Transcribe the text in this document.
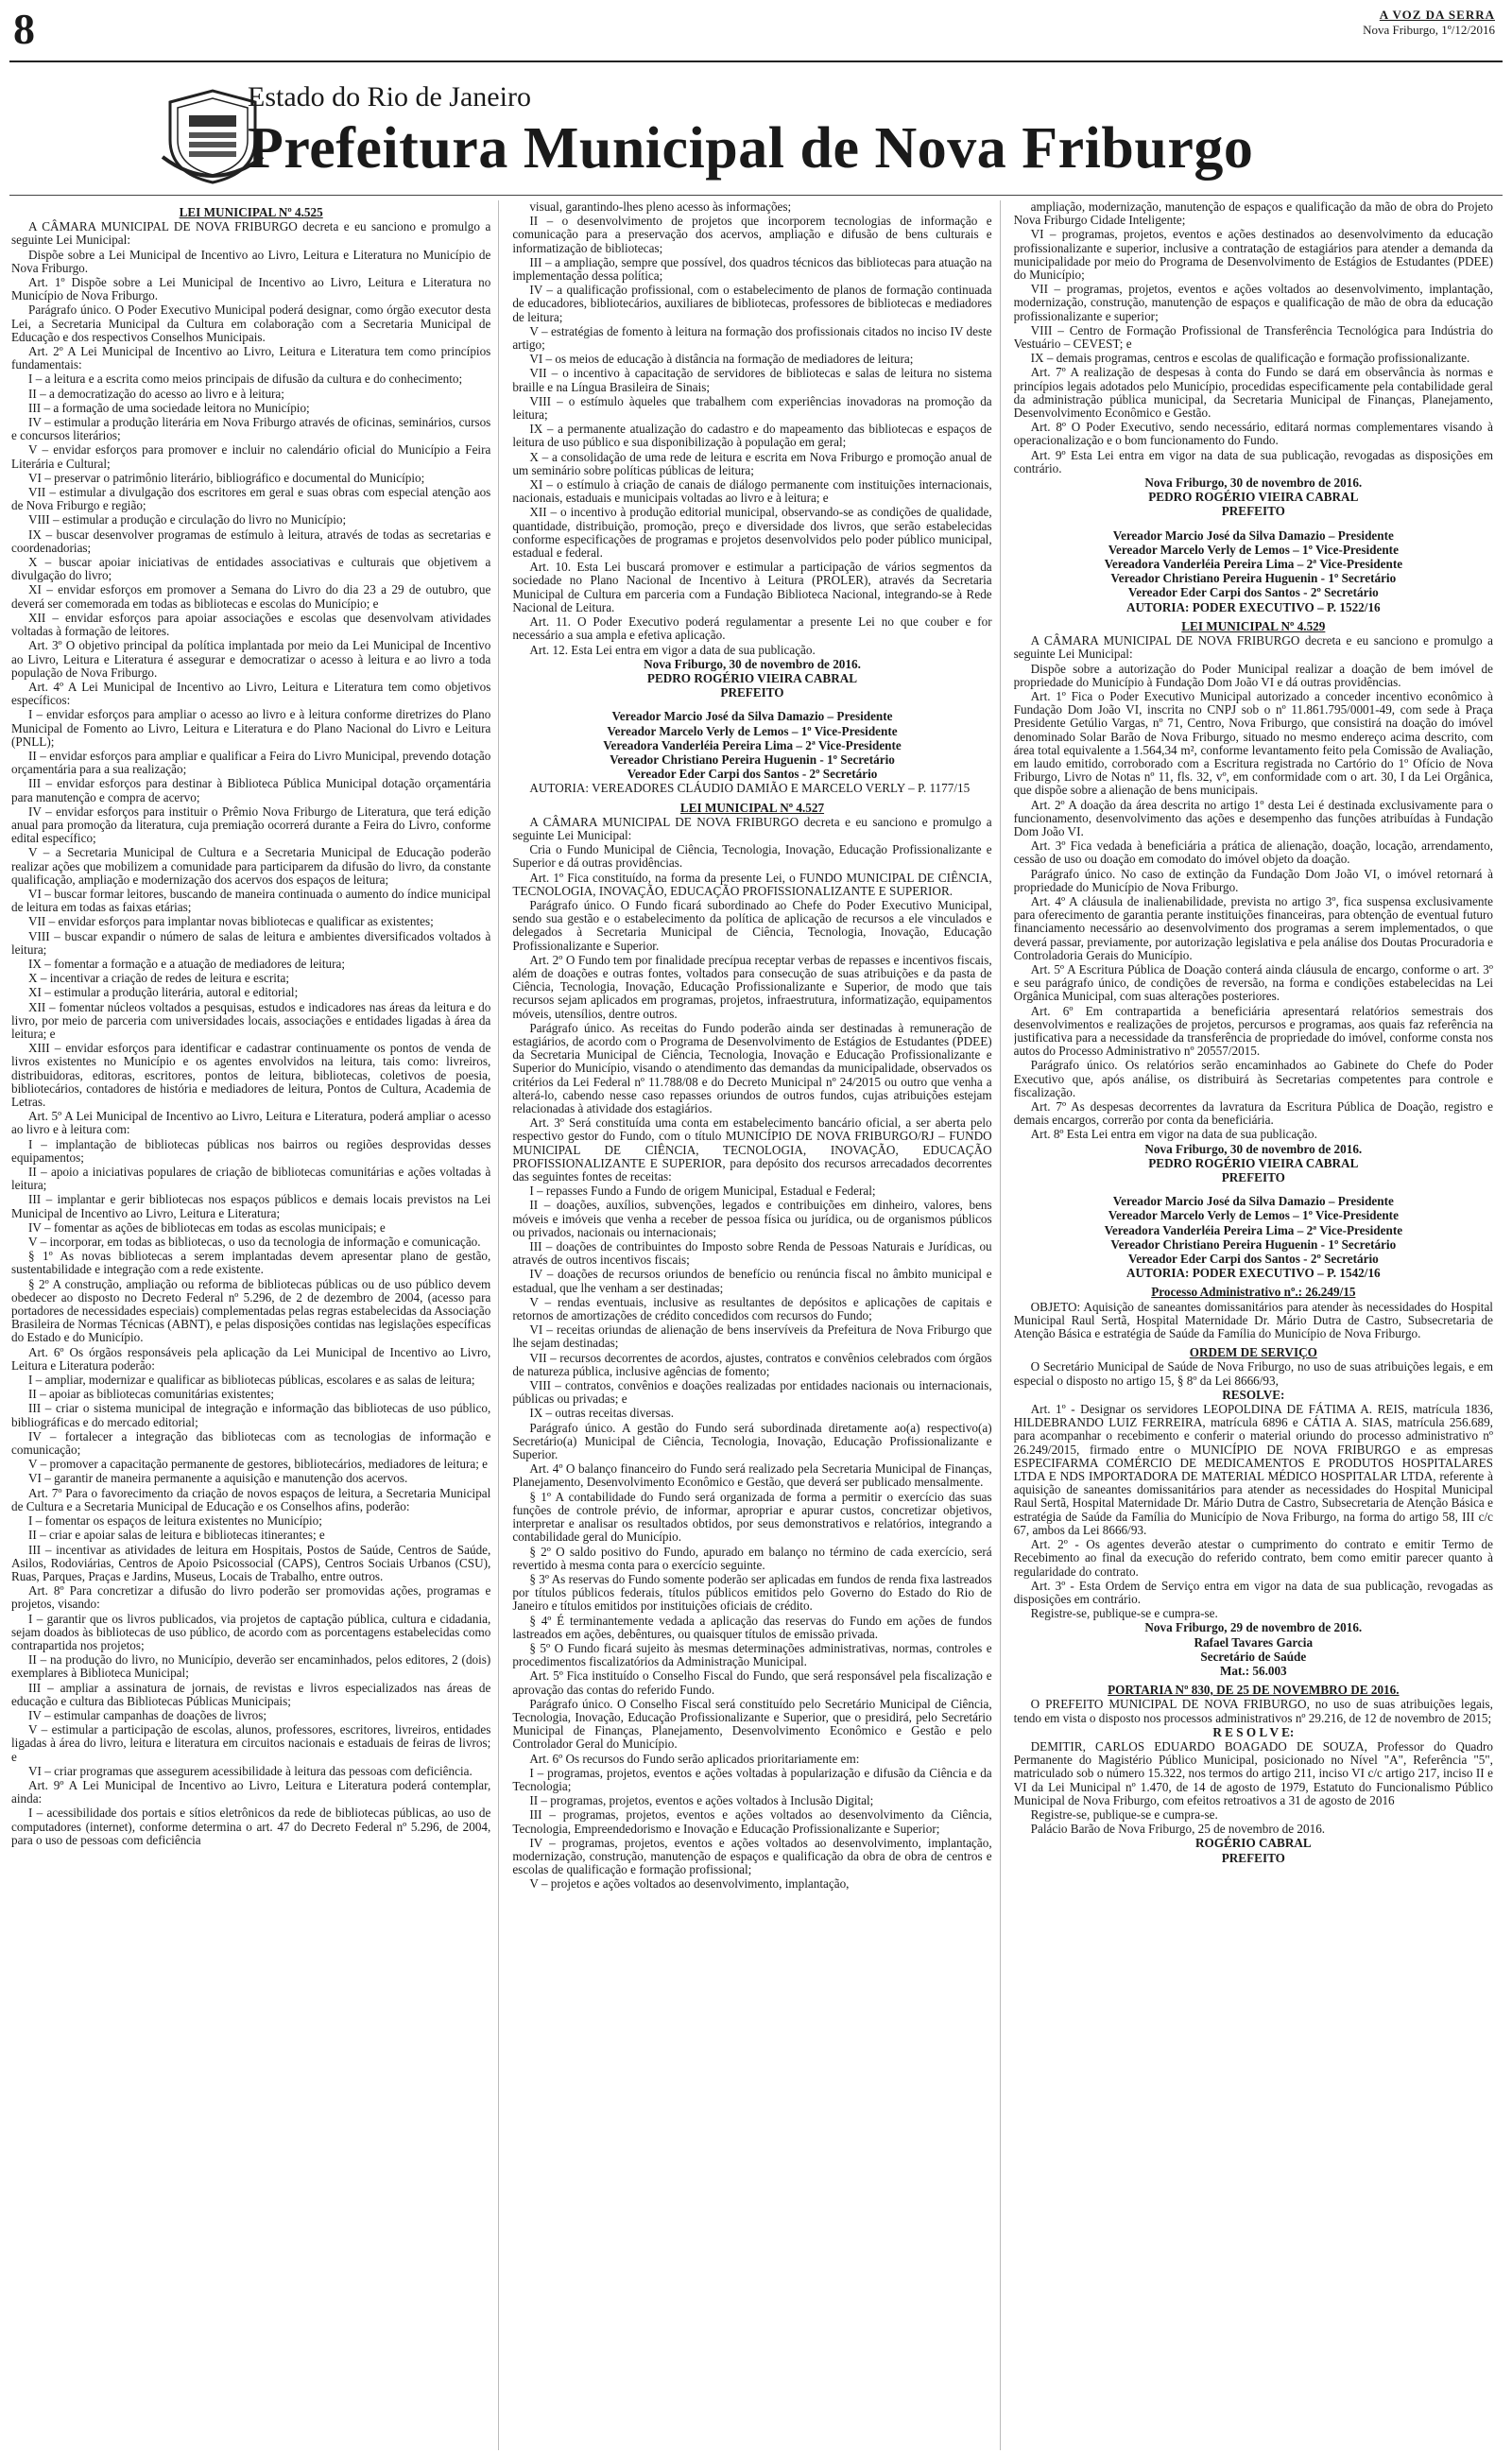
8	A VOZ DA SERRA
Nova Friburgo, 1º/12/2016
Estado do Rio de Janeiro
Prefeitura Municipal de Nova Friburgo

LEI MUNICIPAL Nº 4.525

A CÂMARA MUNICIPAL DE NOVA FRIBURGO decreta e eu sanciono e promulgo a seguinte Lei Municipal:

Dispõe sobre a Lei Municipal de Incentivo ao Livro, Leitura e Literatura no Município de Nova Friburgo.

Art. 1º Dispõe sobre a Lei Municipal de Incentivo ao Livro, Leitura e Literatura no Município de Nova Friburgo.

Parágrafo único. O Poder Executivo Municipal poderá designar, como órgão executor desta Lei, a Secretaria Municipal da Cultura em colaboração com a Secretaria Municipal de Educação e dos respectivos Conselhos Municipais.

Art. 2º A Lei Municipal de Incentivo ao Livro, Leitura e Literatura tem como princípios fundamentais:

I – a leitura e a escrita como meios principais de difusão da cultura e do conhecimento;

II – a democratização do acesso ao livro e à leitura;

III – a formação de uma sociedade leitora no Município;

IV – estimular a produção literária em Nova Friburgo através de oficinas, seminários, cursos e concursos literários;

V – envidar esforços para promover e incluir no calendário oficial do Município a Feira Literária e Cultural;

VI – preservar o patrimônio literário, bibliográfico e documental do Município;

VII – estimular a divulgação dos escritores em geral e suas obras com especial atenção aos de Nova Friburgo e região;

VIII – estimular a produção e circulação do livro no Município;

IX – buscar desenvolver programas de estímulo à leitura, através de todas as secretarias e coordenadorias;

X – buscar apoiar iniciativas de entidades associativas e culturais que objetivem a divulgação do livro;

XI – envidar esforços em promover a Semana do Livro do dia 23 a 29 de outubro, que deverá ser comemorada em todas as bibliotecas e escolas do Município; e

XII – envidar esforços para apoiar associações e escolas que desenvolvam atividades voltadas à formação de leitores.

Art. 3º O objetivo principal da política implantada por meio da Lei Municipal de Incentivo ao Livro, Leitura e Literatura é assegurar e democratizar o acesso à leitura e ao livro a toda população de Nova Friburgo.

Art. 4º A Lei Municipal de Incentivo ao Livro, Leitura e Literatura tem como objetivos específicos:

I – envidar esforços para ampliar o acesso ao livro e à leitura conforme diretrizes do Plano Municipal de Fomento ao Livro, Leitura e Literatura e do Plano Nacional do Livro e Leitura (PNLL);

II – envidar esforços para ampliar e qualificar a Feira do Livro Municipal, prevendo dotação orçamentária para a sua realização;

III – envidar esforços para destinar à Biblioteca Pública Municipal dotação orçamentária para manutenção e compra de acervo;

IV – envidar esforços para instituir o Prêmio Nova Friburgo de Literatura, que terá edição anual para promoção da literatura, cuja premiação ocorrerá durante a Feira do Livro, conforme edital específico;

V – a Secretaria Municipal de Cultura e a Secretaria Municipal de Educação poderão realizar ações que mobilizem a comunidade para participarem da difusão do livro, da constante qualificação, ampliação e modernização dos acervos dos espaços de leitura;

VI – buscar formar leitores, buscando de maneira continuada o aumento do índice municipal de leitura em todas as faixas etárias;

VII – envidar esforços para implantar novas bibliotecas e qualificar as existentes;

VIII – buscar expandir o número de salas de leitura e ambientes diversificados voltados à leitura;

IX – fomentar a formação e a atuação de mediadores de leitura;

X – incentivar a criação de redes de leitura e escrita;

XI – estimular a produção literária, autoral e editorial;

XII – fomentar núcleos voltados a pesquisas, estudos e indicadores nas áreas da leitura e do livro, por meio de parceria com universidades locais, associações e entidades ligadas à área da leitura; e

XIII – envidar esforços para identificar e cadastrar continuamente os pontos de venda de livros existentes no Município e os agentes envolvidos na leitura, tais como: livreiros, distribuidoras, editoras, escritores, pontos de leitura, bibliotecas, coletivos de poesia, bibliotecários, contadores de história e mediadores de leitura, Pontos de Cultura, Academia de Letras.

Art. 5º A Lei Municipal de Incentivo ao Livro, Leitura e Literatura, poderá ampliar o acesso ao livro e à leitura com:

I – implantação de bibliotecas públicas nos bairros ou regiões desprovidas desses equipamentos;

II – apoio a iniciativas populares de criação de bibliotecas comunitárias e ações voltadas à leitura;

III – implantar e gerir bibliotecas nos espaços públicos e demais locais previstos na Lei Municipal de Incentivo ao Livro, Leitura e Literatura;

IV – fomentar as ações de bibliotecas em todas as escolas municipais; e

V – incorporar, em todas as bibliotecas, o uso da tecnologia de informação e comunicação.

§ 1º As novas bibliotecas a serem implantadas devem apresentar plano de gestão, sustentabilidade e integração com a rede existente.

§ 2º A construção, ampliação ou reforma de bibliotecas públicas ou de uso público devem obedecer ao disposto no Decreto Federal nº 5.296, de 2 de dezembro de 2004, (acesso para portadores de necessidades especiais) complementadas pelas regras estabelecidas da Associação Brasileira de Normas Técnicas (ABNT), e pelas disposições contidas nas legislações específicas do Estado e do Município.

Art. 6º Os órgãos responsáveis pela aplicação da Lei Municipal de Incentivo ao Livro, Leitura e Literatura poderão:

I – ampliar, modernizar e qualificar as bibliotecas públicas, escolares e as salas de leitura;

II – apoiar as bibliotecas comunitárias existentes;

III – criar o sistema municipal de integração e informação das bibliotecas de uso público, bibliográficas e do mercado editorial;

IV – fortalecer a integração das bibliotecas com as tecnologias de informação e comunicação;

V – promover a capacitação permanente de gestores, bibliotecários, mediadores de leitura; e

VI – garantir de maneira permanente a aquisição e manutenção dos acervos.

Art. 7º Para o favorecimento da criação de novos espaços de leitura, a Secretaria Municipal de Cultura e a Secretaria Municipal de Educação e os Conselhos afins, poderão:

I – fomentar os espaços de leitura existentes no Município;

II – criar e apoiar salas de leitura e bibliotecas itinerantes; e

III – incentivar as atividades de leitura em Hospitais, Postos de Saúde, Centros de Saúde, Asilos, Rodoviárias, Centros de Apoio Psicossocial (CAPS), Centros Sociais Urbanos (CSU), Ruas, Parques, Praças e Jardins, Museus, Locais de Trabalho, entre outros.

Art. 8º Para concretizar a difusão do livro poderão ser promovidas ações, programas e projetos, visando:

I – garantir que os livros publicados, via projetos de captação pública, cultura e cidadania, sejam doados às bibliotecas de uso público, de acordo com as porcentagens estabelecidas como contrapartida nos projetos;

II – na produção do livro, no Município, deverão ser encaminhados, pelos editores, 2 (dois) exemplares à Biblioteca Municipal;

III – ampliar a assinatura de jornais, de revistas e livros especializados nas áreas de educação e cultura das Bibliotecas Públicas Municipais;

IV – estimular campanhas de doações de livros;

V – estimular a participação de escolas, alunos, professores, escritores, livreiros, entidades ligadas à área do livro, leitura e literatura em circuitos nacionais e estaduais de feiras de livros; e

VI – criar programas que assegurem acessibilidade à leitura das pessoas com deficiência.

Art. 9º A Lei Municipal de Incentivo ao Livro, Leitura e Literatura poderá contemplar, ainda:

I – acessibilidade dos portais e sítios eletrônicos da rede de bibliotecas públicas, ao uso de computadores (internet), conforme determina o art. 47 do Decreto Federal nº 5.296, de 2004, para o uso de pessoas com deficiência

visual, garantindo-lhes pleno acesso às informações;

II – o desenvolvimento de projetos que incorporem tecnologias de informação e comunicação para a preservação dos acervos, ampliação e difusão de bens culturais e informatização de bibliotecas;

III – a ampliação, sempre que possível, dos quadros técnicos das bibliotecas para atuação na implementação dessa política;

IV – a qualificação profissional, com o estabelecimento de planos de formação continuada de educadores, bibliotecários, auxiliares de bibliotecas, professores de bibliotecas e mediadores de leitura;

V – estratégias de fomento à leitura na formação dos profissionais citados no inciso IV deste artigo;

VI – os meios de educação à distância na formação de mediadores de leitura;

VII – o incentivo à capacitação de servidores de bibliotecas e salas de leitura no sistema braille e na Língua Brasileira de Sinais;

VIII – o estímulo àqueles que trabalhem com experiências inovadoras na promoção da leitura;

IX – a permanente atualização do cadastro e do mapeamento das bibliotecas e espaços de leitura de uso público e sua disponibilização à população em geral;

X – a consolidação de uma rede de leitura e escrita em Nova Friburgo e promoção anual de um seminário sobre políticas públicas de leitura;

XI – o estímulo à criação de canais de diálogo permanente com instituições internacionais, nacionais, estaduais e municipais voltadas ao livro e à leitura; e

XII – o incentivo à produção editorial municipal, observando-se as condições de qualidade, quantidade, distribuição, promoção, preço e diversidade dos livros, que serão estabelecidas conforme especificações de programas e projetos desenvolvidos pelo poder público municipal, estadual e federal.

Art. 10. Esta Lei buscará promover e estimular a participação de vários segmentos da sociedade no Plano Nacional de Incentivo à Leitura (PROLER), através da Secretaria Municipal de Cultura em parceria com a Fundação Biblioteca Nacional, integrando-se à Rede Nacional de Leitura.

Art. 11. O Poder Executivo poderá regulamentar a presente Lei no que couber e for necessário a sua ampla e efetiva aplicação.

Art. 12. Esta Lei entra em vigor a data de sua publicação.

Nova Friburgo, 30 de novembro de 2016.

PEDRO ROGÉRIO VIEIRA CABRAL

PREFEITO

Vereador Marcio José da Silva Damazio – Presidente

Vereador Marcelo Verly de Lemos – 1º Vice-Presidente

Vereadora Vanderléia Pereira Lima – 2ª Vice-Presidente

Vereador Christiano Pereira Huguenin - 1º Secretário

Vereador Eder Carpi dos Santos - 2º Secretário

AUTORIA: VEREADORES CLÁUDIO DAMIÃO E MARCELO VERLY – P. 1177/15

LEI MUNICIPAL Nº 4.527

A CÂMARA MUNICIPAL DE NOVA FRIBURGO decreta e eu sanciono e promulgo a seguinte Lei Municipal:

Cria o Fundo Municipal de Ciência, Tecnologia, Inovação, Educação Profissionalizante e Superior e dá outras providências.

Art. 1º Fica constituído, na forma da presente Lei, o FUNDO MUNICIPAL DE CIÊNCIA, TECNOLOGIA, INOVAÇÃO, EDUCAÇÃO PROFISSIONALIZANTE E SUPERIOR.

Parágrafo único. O Fundo ficará subordinado ao Chefe do Poder Executivo Municipal, sendo sua gestão e o estabelecimento da política de aplicação de recursos a ele vinculados e delegados à Secretaria Municipal de Ciência, Tecnologia, Inovação, Educação Profissionalizante e Superior.

Art. 2º O Fundo tem por finalidade precípua receptar verbas de repasses e incentivos fiscais, além de doações e outras fontes, voltados para consecução de suas atribuições e da pasta de Ciência, Tecnologia, Inovação, Educação Profissionalizante e Superior, de modo que tais recursos sejam aplicados em programas, projetos, infraestrutura, informatização, equipamentos móveis, utensílios, dentre outros.

Parágrafo único. As receitas do Fundo poderão ainda ser destinadas à remuneração de estagiários, de acordo com o Programa de Desenvolvimento de Estágios de Estudantes (PDEE) da Secretaria Municipal de Ciência, Tecnologia, Inovação e Educação Profissionalizante e Superior do Município, visando o atendimento das demandas da municipalidade, observados os critérios da Lei Federal nº 11.788/08 e do Decreto Municipal nº 24/2015 ou outro que venha a alterá-lo, cabendo nesse caso repasses oriundos de outros fundos, cujas atribuições estejam relacionadas à atividade dos estagiários.

Art. 3º Será constituída uma conta em estabelecimento bancário oficial, a ser aberta pelo respectivo gestor do Fundo, com o título MUNICÍPIO DE NOVA FRIBURGO/RJ – FUNDO MUNICIPAL DE CIÊNCIA, TECNOLOGIA, INOVAÇÃO, EDUCAÇÃO PROFISSIONALIZANTE E SUPERIOR, para depósito dos recursos arrecadados decorrentes das seguintes fontes de receitas:

I – repasses Fundo a Fundo de origem Municipal, Estadual e Federal;

II – doações, auxílios, subvenções, legados e contribuições em dinheiro, valores, bens móveis e imóveis que venha a receber de pessoa física ou jurídica, ou de organismos públicos ou privados, nacionais ou internacionais;

III – doações de contribuintes do Imposto sobre Renda de Pessoas Naturais e Jurídicas, ou através de outros incentivos fiscais;

IV – doações de recursos oriundos de benefício ou renúncia fiscal no âmbito municipal e estadual, que lhe venham a ser destinadas;

V – rendas eventuais, inclusive as resultantes de depósitos e aplicações de capitais e retornos de amortizações de crédito concedidos com recursos do Fundo;

VI – receitas oriundas de alienação de bens inservíveis da Prefeitura de Nova Friburgo que lhe sejam destinadas;

VII – recursos decorrentes de acordos, ajustes, contratos e convênios celebrados com órgãos de natureza pública, inclusive agências de fomento;

VIII – contratos, convênios e doações realizadas por entidades nacionais ou internacionais, públicas ou privadas; e

IX – outras receitas diversas.

Parágrafo único. A gestão do Fundo será subordinada diretamente ao(a) respectivo(a) Secretário(a) Municipal de Ciência, Tecnologia, Inovação, Educação Profissionalizante e Superior.

Art. 4º O balanço financeiro do Fundo será realizado pela Secretaria Municipal de Finanças, Planejamento, Desenvolvimento Econômico e Gestão, que deverá ser publicado mensalmente.

§ 1º A contabilidade do Fundo será organizada de forma a permitir o exercício das suas funções de controle prévio, de informar, apropriar e apurar custos, concretizar objetivos, interpretar e analisar os resultados obtidos, por seus demonstrativos e relatórios, integrando a contabilidade geral do Município.

§ 2º O saldo positivo do Fundo, apurado em balanço no término de cada exercício, será revertido à mesma conta para o exercício seguinte.

§ 3º As reservas do Fundo somente poderão ser aplicadas em fundos de renda fixa lastreados por títulos públicos federais, títulos públicos emitidos pelo Governo do Estado do Rio de Janeiro e títulos emitidos por instituições oficiais de crédito.

§ 4º É terminantemente vedada a aplicação das reservas do Fundo em ações de fundos lastreados em ações, debêntures, ou quaisquer títulos de emissão privada.

§ 5º O Fundo ficará sujeito às mesmas determinações administrativas, normas, controles e procedimentos fiscalizatórios da Administração Municipal.

Art. 5º Fica instituído o Conselho Fiscal do Fundo, que será responsável pela fiscalização e aprovação das contas do referido Fundo.

Parágrafo único. O Conselho Fiscal será constituído pelo Secretário Municipal de Ciência, Tecnologia, Inovação, Educação Profissionalizante e Superior, que o presidirá, pelo Secretário Municipal de Finanças, Planejamento, Desenvolvimento Econômico e Gestão e pelo Controlador Geral do Município.

Art. 6º Os recursos do Fundo serão aplicados prioritariamente em:

I – programas, projetos, eventos e ações voltadas à popularização e difusão da Ciência e da Tecnologia;

II – programas, projetos, eventos e ações voltados à Inclusão Digital;

III – programas, projetos, eventos e ações voltados ao desenvolvimento da Ciência, Tecnologia, Empreendedorismo e Inovação e Educação Profissionalizante e Superior;

IV – programas, projetos, eventos e ações voltados ao desenvolvimento, implantação, modernização, construção, manutenção de espaços e qualificação da obra de obra de centros e escolas de qualificação e formação profissional;

V – projetos e ações voltados ao desenvolvimento, implantação,

ampliação, modernização, manutenção de espaços e qualificação da mão de obra do Projeto Nova Friburgo Cidade Inteligente;

VI – programas, projetos, eventos e ações destinados ao desenvolvimento da educação profissionalizante e superior, inclusive a contratação de estagiários para atender a demanda da municipalidade por meio do Programa de Desenvolvimento de Estágios de Estudantes (PDEE) do Município;

VII – programas, projetos, eventos e ações voltados ao desenvolvimento, implantação, modernização, construção, manutenção de espaços e qualificação de mão de obra da educação profissionalizante e superior;

VIII – Centro de Formação Profissional de Transferência Tecnológica para Indústria do Vestuário – CEVEST; e

IX – demais programas, centros e escolas de qualificação e formação profissionalizante.

Art. 7º A realização de despesas à conta do Fundo se dará em observância às normas e princípios legais adotados pelo Município, procedidas especificamente pela contabilidade geral da administração pública municipal, da Secretaria Municipal de Finanças, Planejamento, Desenvolvimento Econômico e Gestão.

Art. 8º O Poder Executivo, sendo necessário, editará normas complementares visando à operacionalização e o bom funcionamento do Fundo.

Art. 9º Esta Lei entra em vigor na data de sua publicação, revogadas as disposições em contrário.

Nova Friburgo, 30 de novembro de 2016.

PEDRO ROGÉRIO VIEIRA CABRAL

PREFEITO

Vereador Marcio José da Silva Damazio – Presidente

Vereador Marcelo Verly de Lemos – 1º Vice-Presidente

Vereadora Vanderléia Pereira Lima – 2ª Vice-Presidente

Vereador Christiano Pereira Huguenin - 1º Secretário

Vereador Eder Carpi dos Santos - 2º Secretário

AUTORIA: PODER EXECUTIVO – P. 1522/16

LEI MUNICIPAL Nº 4.529

A CÂMARA MUNICIPAL DE NOVA FRIBURGO decreta e eu sanciono e promulgo a seguinte Lei Municipal:

Dispõe sobre a autorização do Poder Municipal realizar a doação de bem imóvel de propriedade do Município à Fundação Dom João VI e dá outras providências.

Art. 1º Fica o Poder Executivo Municipal autorizado a conceder incentivo econômico à Fundação Dom João VI, inscrita no CNPJ sob o nº 11.861.795/0001-49, com sede à Praça Presidente Getúlio Vargas, nº 71, Centro, Nova Friburgo, que consistirá na doação do imóvel denominado Solar Barão de Nova Friburgo, situado no mesmo endereço acima descrito, com área total equivalente a 1.564,34 m², conforme levantamento feito pela Comissão de Avaliação, em laudo emitido, corroborado com a Escritura registrada no Cartório do 1º Ofício de Nova Friburgo, Livro de Notas nº 11, fls. 32, vº, em conformidade com o art. 30, I da Lei Orgânica, que dispõe sobre a alienação de bens municipais.

Art. 2º A doação da área descrita no artigo 1º desta Lei é destinada exclusivamente para o funcionamento, desenvolvimento das ações e desempenho das funções atribuídas à Fundação Dom João VI.

Art. 3º Fica vedada à beneficiária a prática de alienação, doação, locação, arrendamento, cessão de uso ou doação em comodato do imóvel objeto da doação.

Parágrafo único. No caso de extinção da Fundação Dom João VI, o imóvel retornará à propriedade do Município de Nova Friburgo.

Art. 4º A cláusula de inalienabilidade, prevista no artigo 3º, fica suspensa exclusivamente para oferecimento de garantia perante instituições financeiras, para obtenção de eventual futuro financiamento necessário ao desenvolvimento dos programas a serem implementados, o que deverá passar, previamente, por autorização legislativa e pela análise dos Doutas Procuradoria e Controladoria Gerais do Município.

Art. 5º A Escritura Pública de Doação conterá ainda cláusula de encargo, conforme o art. 3º e seu parágrafo único, de condições de reversão, na forma e condições estabelecidas na Lei Orgânica Municipal, com suas alterações posteriores.

Art. 6º Em contrapartida a beneficiária apresentará relatórios semestrais dos desenvolvimentos e realizações de projetos, percursos e programas, aos quais faz referência na justificativa para a necessidade da transferência de propriedade do imóvel, conforme consta nos autos do Processo Administrativo nº 20557/2015.

Parágrafo único. Os relatórios serão encaminhados ao Gabinete do Chefe do Poder Executivo que, após análise, os distribuirá às Secretarias competentes para controle e fiscalização.

Art. 7º As despesas decorrentes da lavratura da Escritura Pública de Doação, registro e demais encargos, correrão por conta da beneficiária.

Art. 8º Esta Lei entra em vigor na data de sua publicação.

Nova Friburgo, 30 de novembro de 2016.

PEDRO ROGÉRIO VIEIRA CABRAL

PREFEITO

Vereador Marcio José da Silva Damazio – Presidente

Vereador Marcelo Verly de Lemos – 1º Vice-Presidente

Vereadora Vanderléia Pereira Lima – 2ª Vice-Presidente

Vereador Christiano Pereira Huguenin - 1º Secretário

Vereador Eder Carpi dos Santos - 2º Secretário

AUTORIA: PODER EXECUTIVO – P. 1542/16

Processo Administrativo nº.: 26.249/15

OBJETO: Aquisição de saneantes domissanitários para atender às necessidades do Hospital Municipal Raul Sertã, Hospital Maternidade Dr. Mário Dutra de Castro, Subsecretaria de Atenção Básica e estratégia de Saúde da Família do Município de Nova Friburgo.

ORDEM DE SERVIÇO

O Secretário Municipal de Saúde de Nova Friburgo, no uso de suas atribuições legais, e em especial o disposto no artigo 15, § 8º da Lei 8666/93,

RESOLVE:

Art. 1º - Designar os servidores LEOPOLDINA DE FÁTIMA A. REIS, matrícula 1836, HILDEBRANDO LUIZ FERREIRA, matrícula 6896 e CÁTIA A. SIAS, matrícula 256.689, para acompanhar o recebimento e conferir o material oriundo do processo administrativo nº 26.249/2015, firmado entre o MUNICÍPIO DE NOVA FRIBURGO e as empresas ESPECIFARMA COMÉRCIO DE MEDICAMENTOS E PRODUTOS HOSPITALARES LTDA E NDS IMPORTADORA DE MATERIAL MÉDICO HOSPITALAR LTDA, referente à aquisição de saneantes domissanitários para atender as necessidades do Hospital Municipal Raul Sertã, Hospital Maternidade Dr. Mário Dutra de Castro, Subsecretaria de Atenção Básica e estratégia de Saúde da Família do Município de Nova Friburgo, na forma do artigo 58, III c/c 67, ambos da Lei 8666/93.

Art. 2º - Os agentes deverão atestar o cumprimento do contrato e emitir Termo de Recebimento ao final da execução do referido contrato, bem como emitir parecer quanto à regularidade do contrato.

Art. 3º - Esta Ordem de Serviço entra em vigor na data de sua publicação, revogadas as disposições em contrário.

Registre-se, publique-se e cumpra-se.

Nova Friburgo, 29 de novembro de 2016.

Rafael Tavares Garcia

Secretário de Saúde

Mat.: 56.003

PORTARIA Nº 830, DE 25 DE NOVEMBRO DE 2016.

O PREFEITO MUNICIPAL DE NOVA FRIBURGO, no uso de suas atribuições legais, tendo em vista o disposto nos processos administrativos nº 29.216, de 12 de novembro de 2015;

R E S O L V E:

DEMITIR, CARLOS EDUARDO BOAGADO DE SOUZA, Professor do Quadro Permanente do Magistério Público Municipal, posicionado no Nível "A", Referência "5", matriculado sob o número 15.322, nos termos do artigo 211, inciso VI c/c artigo 217, inciso II e VI da Lei Municipal nº 1.470, de 14 de agosto de 1979, Estatuto do Funcionalismo Público Municipal de Nova Friburgo, com efeitos retroativos a 31 de agosto de 2016

Registre-se, publique-se e cumpra-se.

Palácio Barão de Nova Friburgo, 25 de novembro de 2016.

ROGÉRIO CABRAL

PREFEITO
